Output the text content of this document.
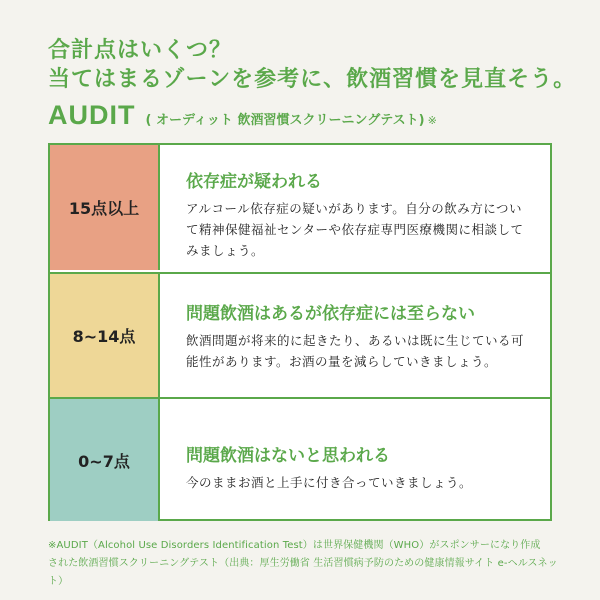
合計点はいくつ？
当てはまるゾーンを参考に、飲酒習慣を見直そう。
AUDIT ( オーディット 飲酒習慣スクリーニングテスト) ※
15点以上
依存症が疑われる
アルコール依存症の疑いがあります。自分の飲み方について精神保健福祉センターや依存症専門医療機関に相談してみましょう。
8~14点
問題飲酒はあるが依存症には至らない
飲酒問題が将来的に起きたり、あるいは既に生じている可能性があります。お酒の量を減らしていきましょう。
0~7点	問題飲酒はないと思われる
今のままお酒と上手に付き合っていきましょう。
※AUDIT（Alcohol Use Disorders Identification Test）は世界保健機関（WHO）がスポンサーになり作成
された飲酒習慣スクリーニングテスト（出典：厚生労働省 生活習慣病予防のための健康情報サイト e-ヘルスネット）
